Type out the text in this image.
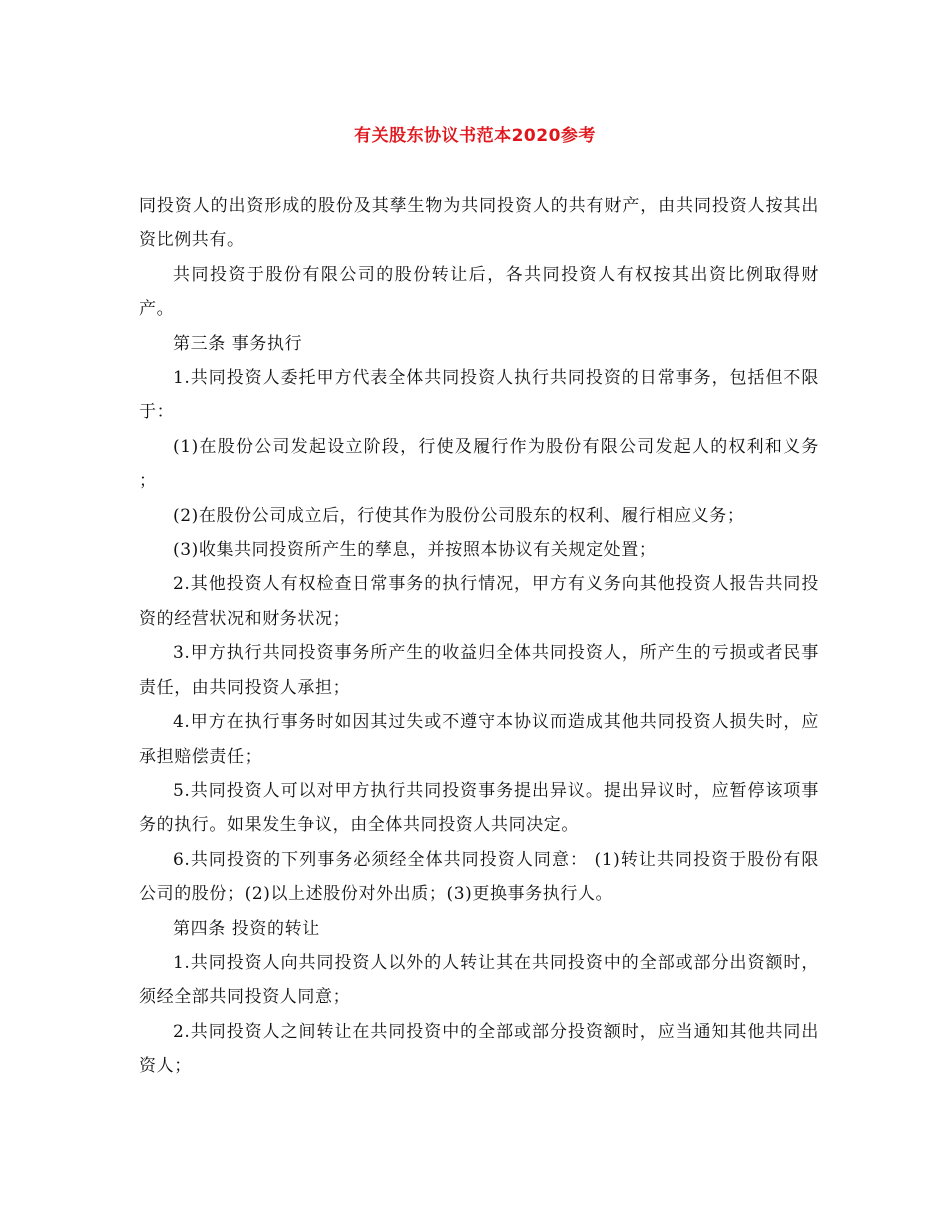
有关股东协议书范本2020参考

同投资人的出资形成的股份及其孳生物为共同投资人的共有财产，由共同投资人按其出资比例共有。

共同投资于股份有限公司的股份转让后，各共同投资人有权按其出资比例取得财产。

第三条 事务执行

1.共同投资人委托甲方代表全体共同投资人执行共同投资的日常事务，包括但不限于：

(1)在股份公司发起设立阶段，行使及履行作为股份有限公司发起人的权利和义务 ；

(2)在股份公司成立后，行使其作为股份公司股东的权利、履行相应义务；

(3)收集共同投资所产生的孳息，并按照本协议有关规定处置；

2.其他投资人有权检查日常事务的执行情况，甲方有义务向其他投资人报告共同投资的经营状况和财务状况；

3.甲方执行共同投资事务所产生的收益归全体共同投资人，所产生的亏损或者民事责任，由共同投资人承担；

4.甲方在执行事务时如因其过失或不遵守本协议而造成其他共同投资人损失时，应承担赔偿责任；

5.共同投资人可以对甲方执行共同投资事务提出异议。提出异议时，应暂停该项事务的执行。如果发生争议，由全体共同投资人共同决定。

6.共同投资的下列事务必须经全体共同投资人同意： (1)转让共同投资于股份有限公司的股份；(2)以上述股份对外出质；(3)更换事务执行人。

第四条 投资的转让

1.共同投资人向共同投资人以外的人转让其在共同投资中的全部或部分出资额时，须经全部共同投资人同意；

2.共同投资人之间转让在共同投资中的全部或部分投资额时，应当通知其他共同出资人；
